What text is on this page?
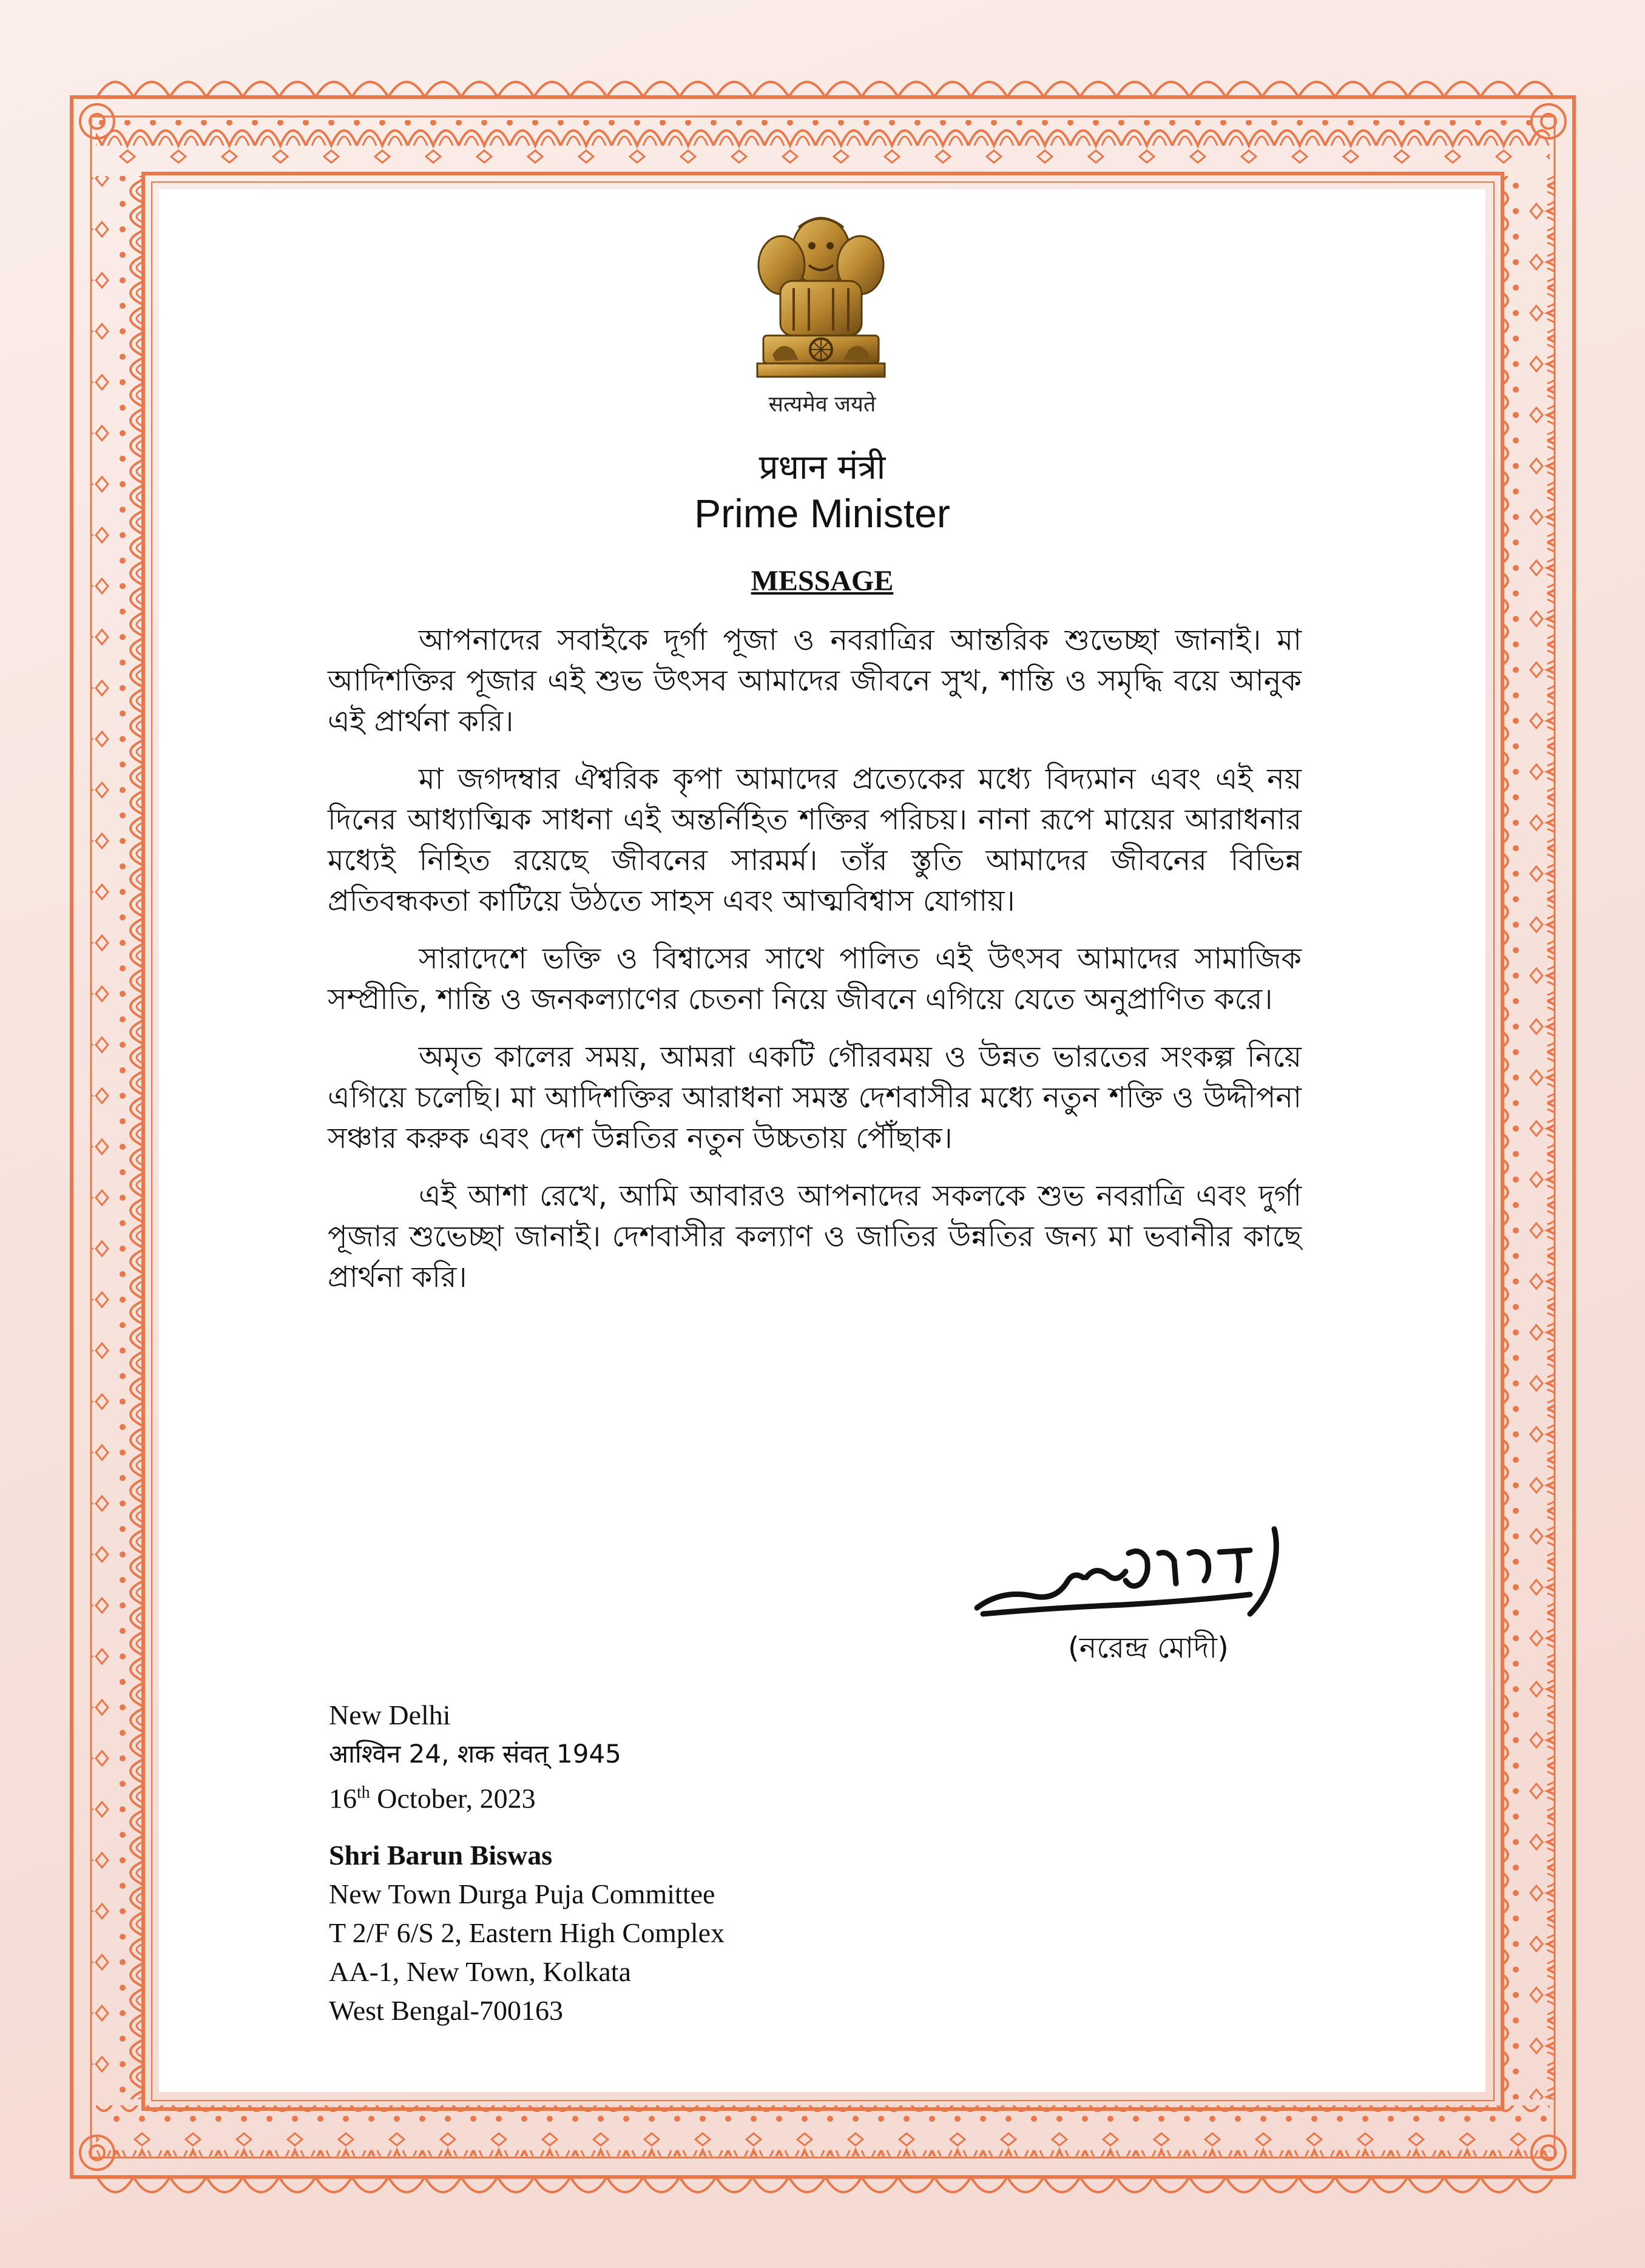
सत्यमेव जयते
प्रधान मंत्री
Prime Minister
MESSAGE

আপনাদের সবাইকে দূর্গা পূজা ও নবরাত্রির আন্তরিক শুভেচ্ছা জানাই। মা আদিশক্তির পূজার এই শুভ উৎসব আমাদের জীবনে সুখ, শান্তি ও সমৃদ্ধি বয়ে আনুক এই প্রার্থনা করি।

মা জগদম্বার ঐশ্বরিক কৃপা আমাদের প্রত্যেকের মধ্যে বিদ্যমান এবং এই নয় দিনের আধ্যাত্মিক সাধনা এই অন্তর্নিহিত শক্তির পরিচয়। নানা রূপে মায়ের আরাধনার মধ্যেই নিহিত রয়েছে জীবনের সারমর্ম। তাঁর স্তুতি আমাদের জীবনের বিভিন্ন প্রতিবন্ধকতা কাটিয়ে উঠতে সাহস এবং আত্মবিশ্বাস যোগায়।

সারাদেশে ভক্তি ও বিশ্বাসের সাথে পালিত এই উৎসব আমাদের সামাজিক সম্প্রীতি, শান্তি ও জনকল্যাণের চেতনা নিয়ে জীবনে এগিয়ে যেতে অনুপ্রাণিত করে।

অমৃত কালের সময়, আমরা একটি গৌরবময় ও উন্নত ভারতের সংকল্প নিয়ে এগিয়ে চলেছি। মা আদিশক্তির আরাধনা সমস্ত দেশবাসীর মধ্যে নতুন শক্তি ও উদ্দীপনা সঞ্চার করুক এবং দেশ উন্নতির নতুন উচ্চতায় পৌঁছাক।

এই আশা রেখে, আমি আবারও আপনাদের সকলকে শুভ নবরাত্রি এবং দুর্গা পূজার শুভেচ্ছা জানাই। দেশবাসীর কল্যাণ ও জাতির উন্নতির জন্য মা ভবানীর কাছে প্রার্থনা করি।

(নরেন্দ্র মোদী)
New Delhi
आश्विन 24, शक संवत् 1945
16th October, 2023
Shri Barun Biswas
New Town Durga Puja Committee
T 2/F 6/S 2, Eastern High Complex
AA-1, New Town, Kolkata
West Bengal-700163
